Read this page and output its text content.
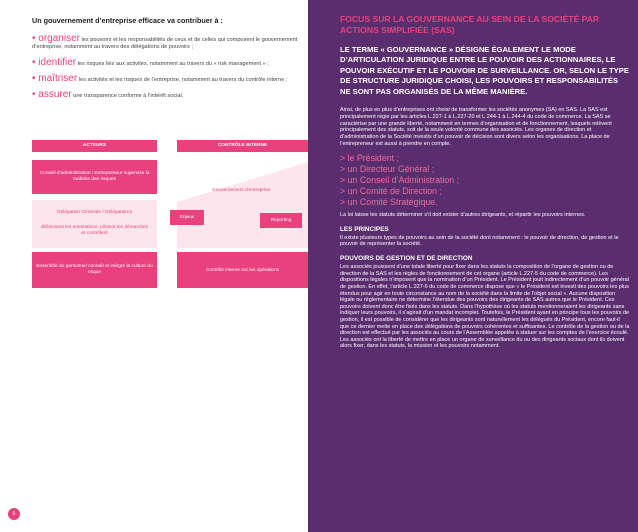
Un gouvernement d’entreprise efficace va contribuer à :

• organiser les pouvoirs et les responsabilités de ceux et de celles qui composent le gouvernement d’entreprise, notamment au travers des délégations de pouvoirs ;

• identifier les risques liés aux activités, notamment au travers du « risk management » ;

• maîtriser les activités et les risques de l’entreprise, notamment au travers du contrôle interne ;

• assurer une transparence conforme à l’intérêt social.

ACTEURS	CONTRÔLE INTERNE
Conseil d’administration / Entrepreneur supervise la maîtrise des risques
Délégation Générale / Délégataires
définissent les orientations, pilotent les démarches et contrôlent
Ensemble du personnel connaît et intègre la culture du risque
Gouvernement d’entreprise
Contrôle interne sur les opérations
Enjeux
Reporting
6

FOCUS SUR LA GOUVERNANCE AU SEIN DE LA SOCIÉTÉ PAR ACTIONS SIMPLIFIÉE (SAS)

LE TERME « GOUVERNANCE » DÉSIGNE ÉGALEMENT LE MODE D’ARTICULATION JURIDIQUE ENTRE LE POUVOIR DES ACTIONNAIRES, LE POUVOIR EXÉCUTIF ET LE POUVOIR DE SURVEILLANCE. OR, SELON LE TYPE DE STRUCTURE JURIDIQUE CHOISI, LES POUVOIRS ET RESPONSABILITÉS NE SONT PAS ORGANISÉS DE LA MÊME MANIÈRE.

Ainsi, de plus en plus d’entreprises ont choisi de transformer les sociétés anonymes (SA) en SAS. La SAS est principalement régie par les articles L.227-1 à L.227-20 et L.244-1 à L.244-4 du code de commerce. La SAS se caractérise par une grande liberté, notamment en termes d’organisation et de fonctionnement, lesquels relèvent principalement des statuts, soit de la seule volonté commune des associés. Les organes de direction et d’administration de la Société investis d’un pouvoir de décision sont divers selon les organisations. La place de l’entrepreneur est aussi à prendre en compte.

> le Président ;
> un Directeur Général ;
> un Conseil d’Administration ;
> un Comité de Direction ;
> un Comité Stratégique.

La loi laisse les statuts déterminer s’il doit exister d’autres dirigeants, et répartir les pouvoirs internes.

LES PRINCIPES

Il existe plusieurs types de pouvoirs au sein de la société dont notamment : le pouvoir de direction, de gestion et le pouvoir de représenter la société.

POUVOIRS DE GESTION ET DE DIRECTION

Les associés jouissent d’une totale liberté pour fixer dans les statuts la composition de l’organe de gestion ou de direction de la SAS et les règles de fonctionnement de cet organe (article L.227-5 du code de commerce). Les dispositions légales n’imposent que la nomination d’un Président. Le Président jouit indirectement d’un pouvoir général de gestion. En effet, l’article L.227-6 du code de commerce dispose que « le Président est investi des pouvoirs les plus étendus pour agir en toute circonstance au nom de la société dans la limite de l’objet social ». Aucune disposition légale ou réglementaire ne détermine l’étendue des pouvoirs des dirigeants de SAS autres que le Président. Ces pouvoirs doivent donc être fixés dans les statuts. Dans l’hypothèse où les statuts mentionneraient les dirigeants sans indiquer leurs pouvoirs, il s’agirait d’un mandat incomplet. Toutefois, le Président ayant en principe tous les pouvoirs de gestion, il est possible de considérer que les dirigeants sont naturellement les délégués du Président, encore faut-il que ce dernier mette en place des délégations de pouvoirs cohérentes et suffisantes. Le contrôle de la gestion ou de la direction est effectué par les associés au cours de l’Assemblée appelée à statuer sur les comptes de l’exercice écoulé. Les associés ont la liberté de mettre en place un organe de surveillance du ou des dirigeants sociaux dont ils doivent alors fixer, dans les statuts, la mission et les pouvoirs notamment.
